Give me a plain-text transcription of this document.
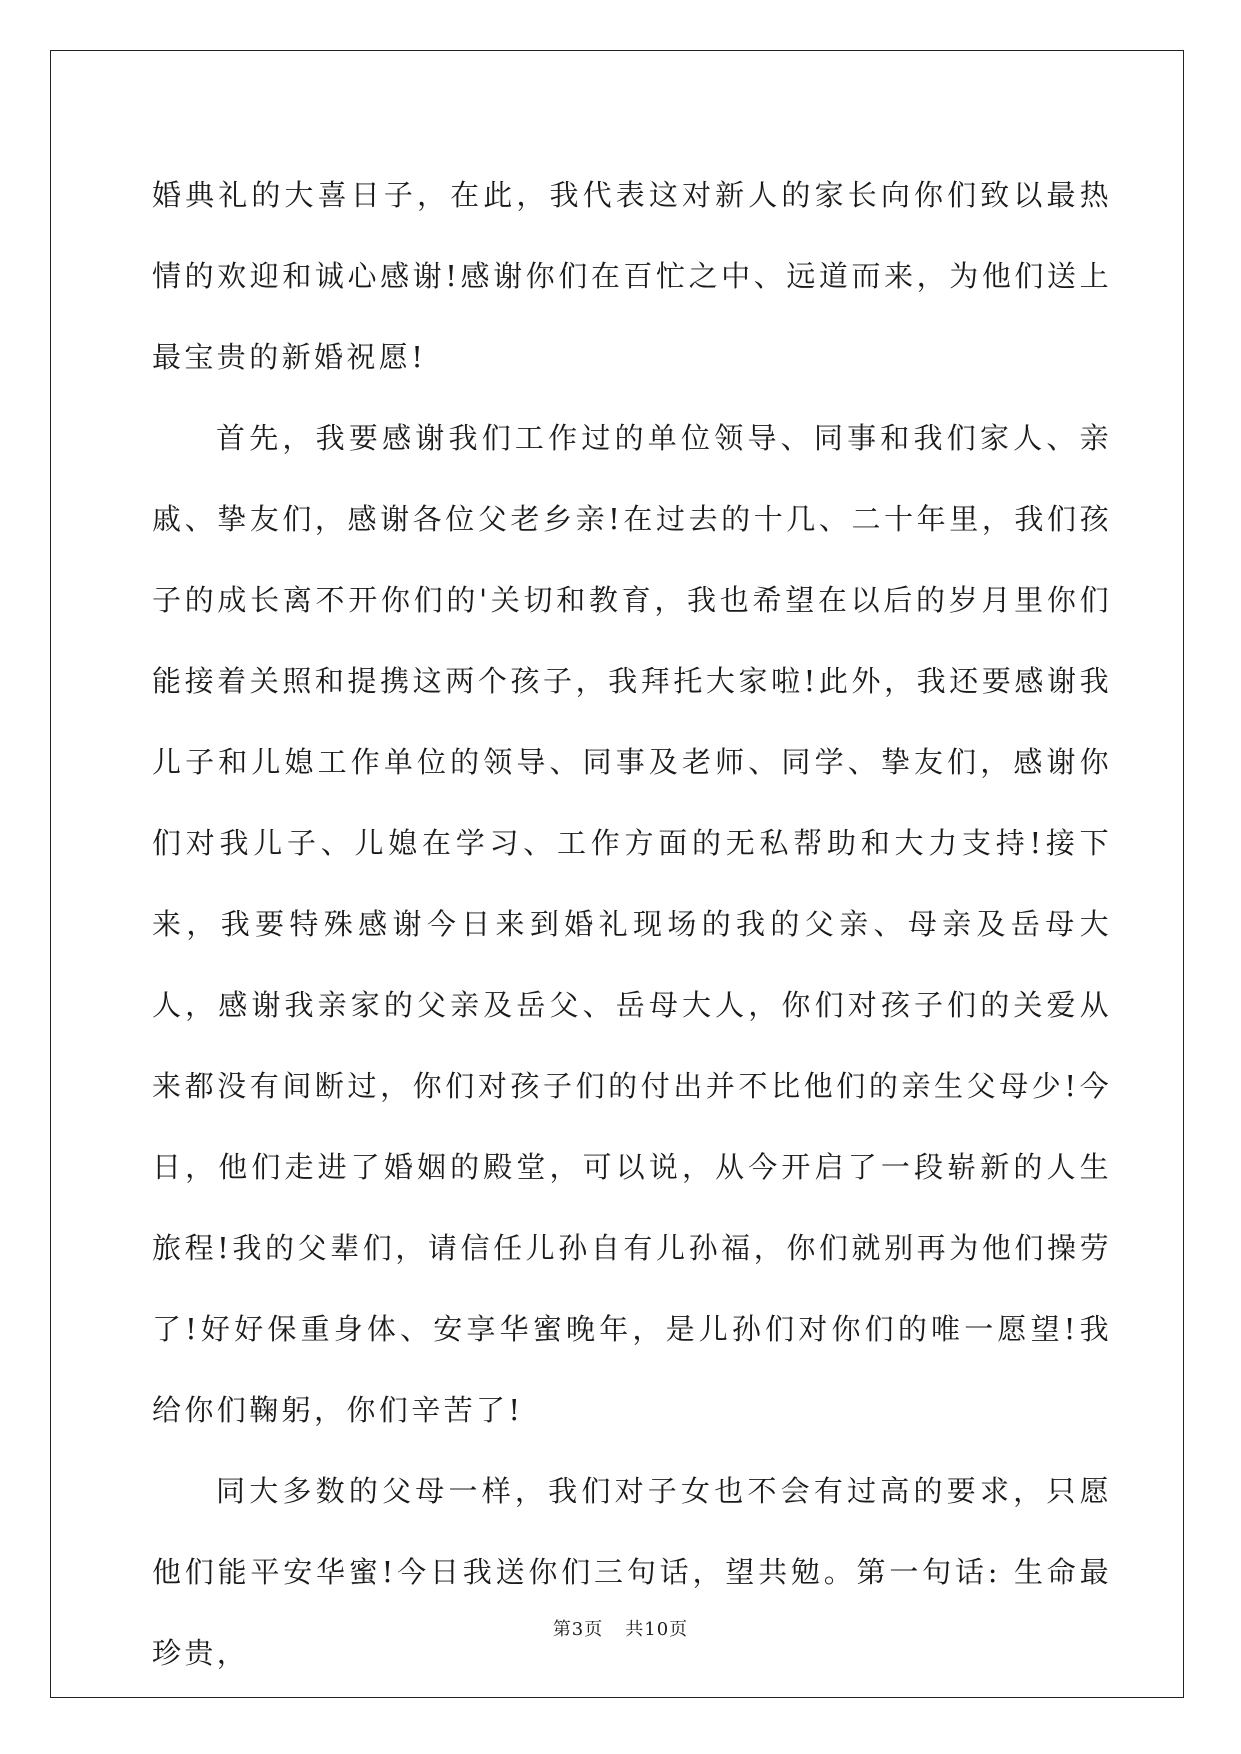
婚典礼的大喜日子，在此，我代表这对新人的家长向你们致以最热情的欢迎和诚心感谢!感谢你们在百忙之中、远道而来，为他们送上最宝贵的新婚祝愿!

首先，我要感谢我们工作过的单位领导、同事和我们家人、亲戚、挚友们，感谢各位父老乡亲!在过去的十几、二十年里，我们孩子的成长离不开你们的'关切和教育，我也希望在以后的岁月里你们能接着关照和提携这两个孩子，我拜托大家啦!此外，我还要感谢我儿子和儿媳工作单位的领导、同事及老师、同学、挚友们，感谢你们对我儿子、儿媳在学习、工作方面的无私帮助和大力支持!接下来，我要特殊感谢今日来到婚礼现场的我的父亲、母亲及岳母大人，感谢我亲家的父亲及岳父、岳母大人，你们对孩子们的关爱从来都没有间断过，你们对孩子们的付出并不比他们的亲生父母少!今日，他们走进了婚姻的殿堂，可以说，从今开启了一段崭新的人生旅程!我的父辈们，请信任儿孙自有儿孙福，你们就别再为他们操劳了!好好保重身体、安享华蜜晚年，是儿孙们对你们的唯一愿望!我给你们鞠躬，你们辛苦了!

同大多数的父母一样，我们对子女也不会有过高的要求，只愿他们能平安华蜜!今日我送你们三句话，望共勉。第一句话: 生命最珍贵，

第3页 共10页
